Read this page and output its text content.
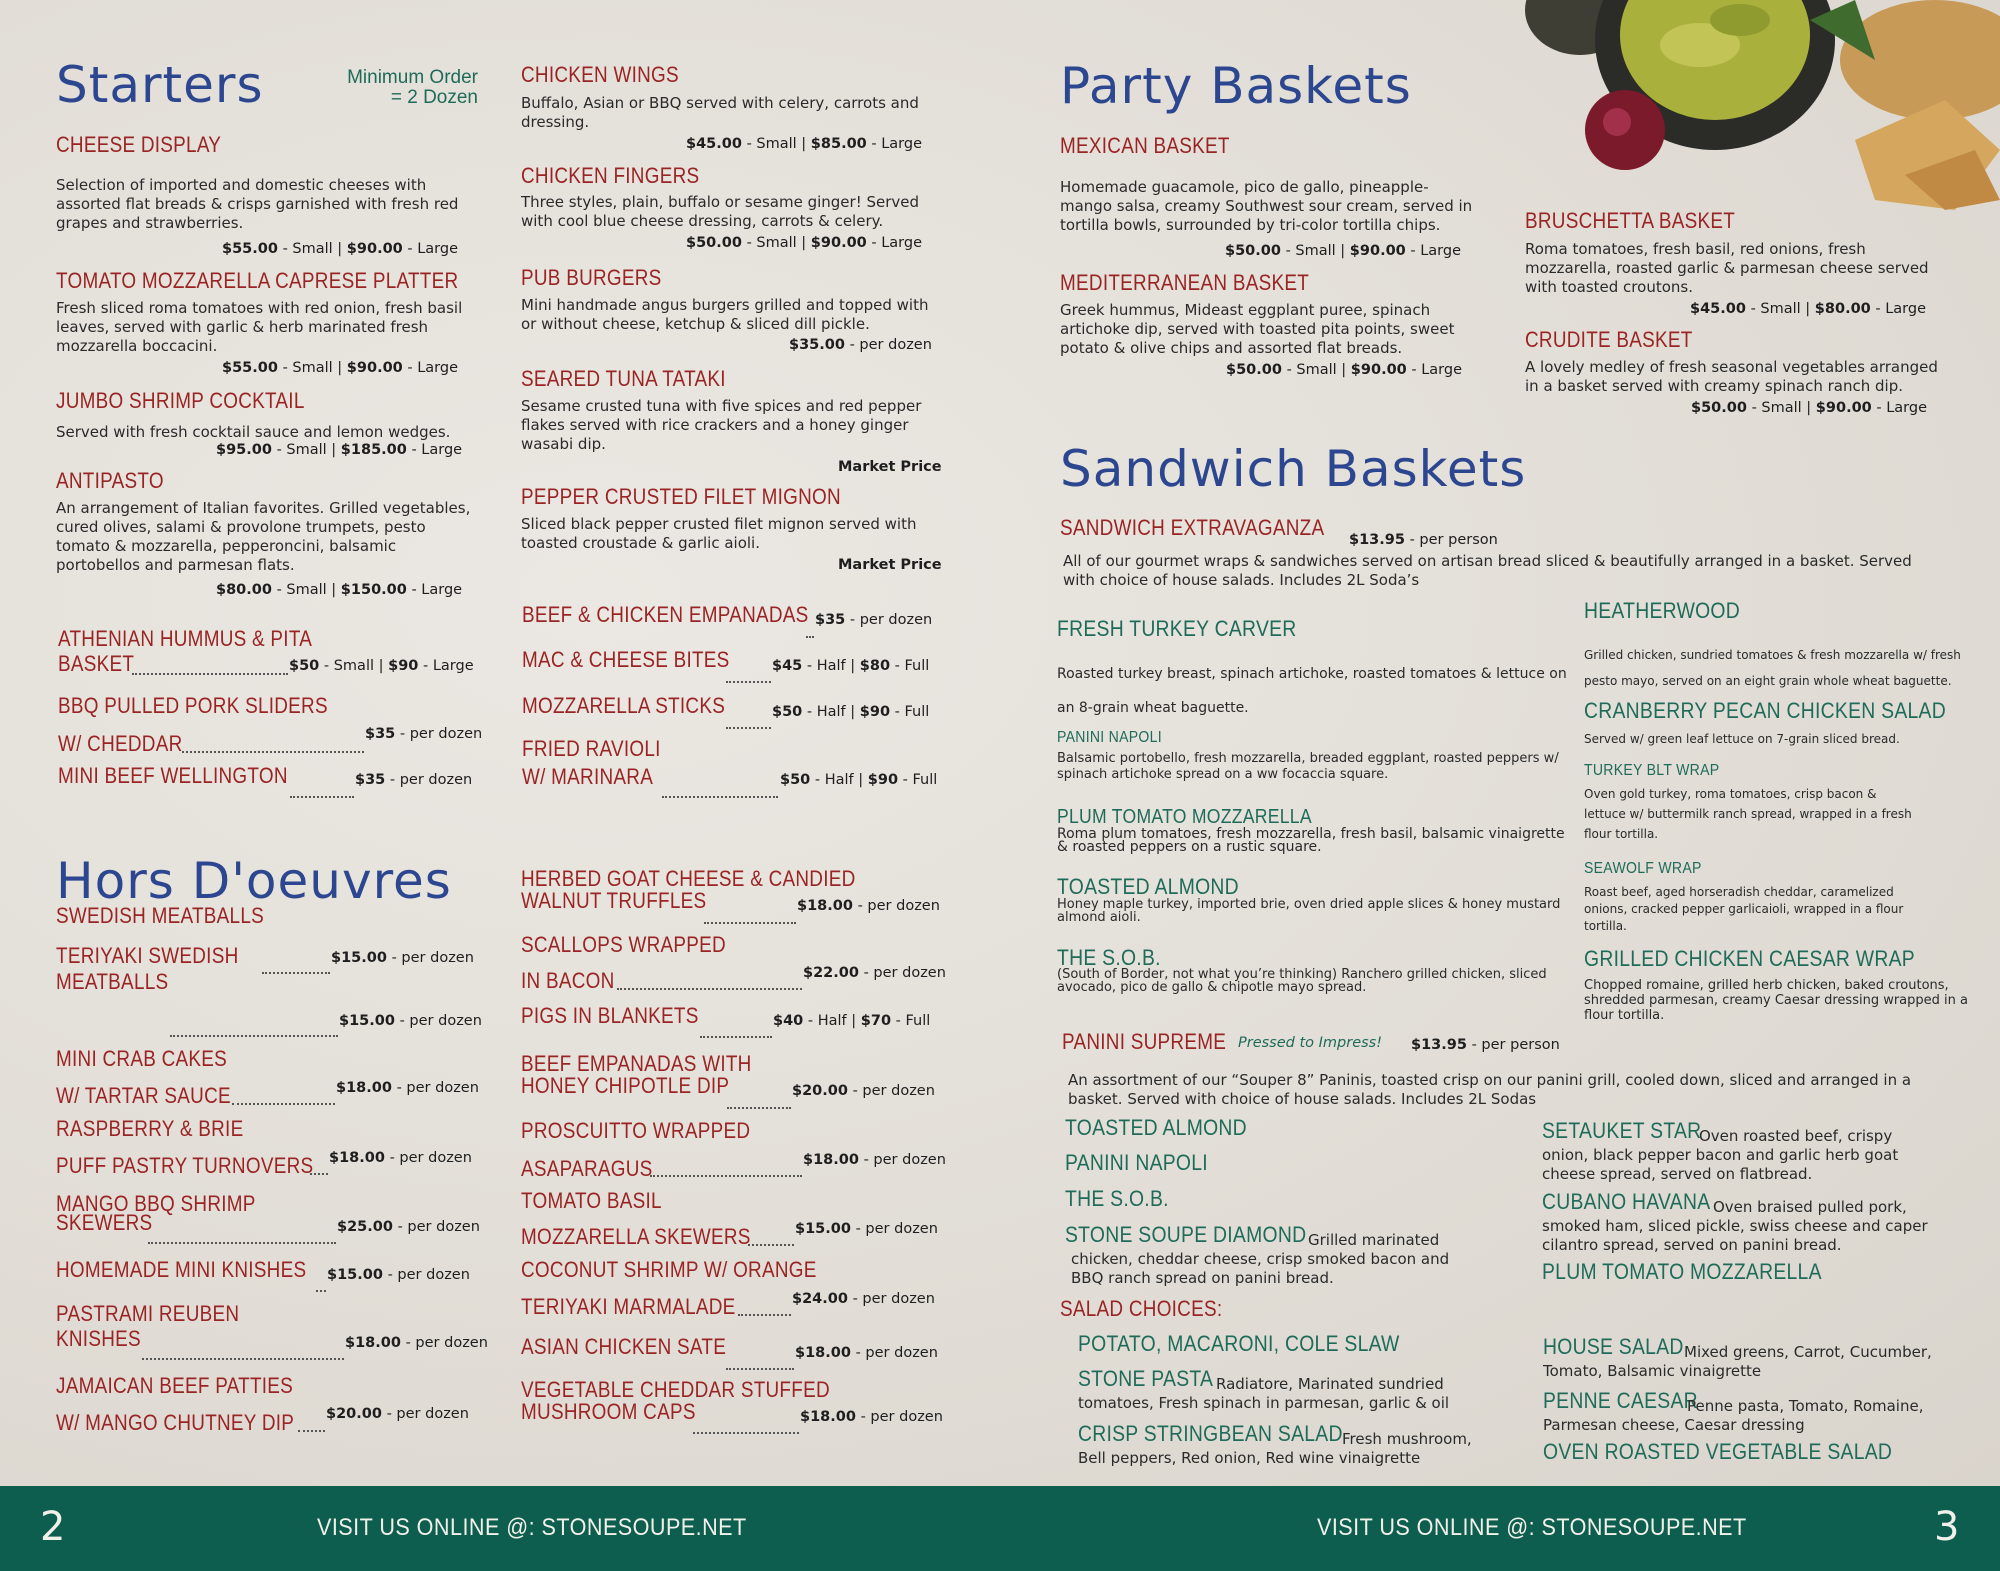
Starters	Minimum Order
= 2 Dozen
CHEESE DISPLAY
Selection of imported and domestic cheeses with assorted flat breads & crisps garnished with fresh red grapes and strawberries.
$55.00 - Small | $90.00 - Large
TOMATO MOZZARELLA CAPRESE PLATTER
Fresh sliced roma tomatoes with red onion, fresh basil leaves, served with garlic & herb marinated fresh mozzarella boccacini.
$55.00 - Small | $90.00 - Large
JUMBO SHRIMP COCKTAIL
Served with fresh cocktail sauce and lemon wedges.
$95.00 - Small | $185.00 - Large
ANTIPASTO
An arrangement of Italian favorites. Grilled vegetables, cured olives, salami & provolone trumpets, pesto tomato & mozzarella, pepperoncini, balsamic portobellos and parmesan flats.
$80.00 - Small | $150.00 - Large
ATHENIAN HUMMUS & PITA
BASKET	$50 - Small | $90 - Large
BBQ PULLED PORK SLIDERS
W/ CHEDDAR	$35 - per dozen
MINI BEEF WELLINGTON	$35 - per dozen
CHICKEN WINGS
Buffalo, Asian or BBQ served with celery, carrots and dressing.
$45.00 - Small | $85.00 - Large
CHICKEN FINGERS
Three styles, plain, buffalo or sesame ginger! Served with cool blue cheese dressing, carrots & celery.
$50.00 - Small | $90.00 - Large
PUB BURGERS
Mini handmade angus burgers grilled and topped with or without cheese, ketchup & sliced dill pickle.
$35.00 - per dozen
SEARED TUNA TATAKI
Sesame crusted tuna with five spices and red pepper flakes served with rice crackers and a honey ginger wasabi dip.
Market Price
PEPPER CRUSTED FILET MIGNON
Sliced black pepper crusted filet mignon served with toasted croustade & garlic aioli.
Market Price
BEEF & CHICKEN EMPANADAS $35 - per dozen
MAC & CHEESE BITES	$45 - Half | $80 - Full
MOZZARELLA STICKS	$50 - Half | $90 - Full
FRIED RAVIOLI
W/ MARINARA	$50 - Half | $90 - Full
Hors D'oeuvres
SWEDISH MEATBALLS
TERIYAKI SWEDISH
MEATBALLS
$15.00 - per dozen
$15.00 - per dozen
MINI CRAB CAKES
W/ TARTAR SAUCE	$18.00 - per dozen
RASPBERRY & BRIE
PUFF PASTRY TURNOVERS $18.00 - per dozen
MANGO BBQ SHRIMP
SKEWERS	$25.00 - per dozen
HOMEMADE MINI KNISHES $15.00 - per dozen
PASTRAMI REUBEN
KNISHES	$18.00 - per dozen
JAMAICAN BEEF PATTIES
W/ MANGO CHUTNEY DIP $20.00 - per dozen
HERBED GOAT CHEESE & CANDIED
WALNUT TRUFFLES	$18.00 - per dozen
SCALLOPS WRAPPED
IN BACON	$22.00 - per dozen
PIGS IN BLANKETS	$40 - Half | $70 - Full
BEEF EMPANADAS WITH
HONEY CHIPOTLE DIP	$20.00 - per dozen
PROSCUITTO WRAPPED
ASAPARAGUS	$18.00 - per dozen
TOMATO BASIL
MOZZARELLA SKEWERS	$15.00 - per dozen
COCONUT SHRIMP W/ ORANGE
TERIYAKI MARMALADE	$24.00 - per dozen
ASIAN CHICKEN SATE	$18.00 - per dozen
VEGETABLE CHEDDAR STUFFED
MUSHROOM CAPS	$18.00 - per dozen
Party Baskets
MEXICAN BASKET
Homemade guacamole, pico de gallo, pineapple-mango salsa, creamy Southwest sour cream, served in tortilla bowls, surrounded by tri-color tortilla chips.
$50.00 - Small | $90.00 - Large
MEDITERRANEAN BASKET
Greek hummus, Mideast eggplant puree, spinach artichoke dip, served with toasted pita points, sweet potato & olive chips and assorted flat breads.
$50.00 - Small | $90.00 - Large
BRUSCHETTA BASKET
Roma tomatoes, fresh basil, red onions, fresh mozzarella, roasted garlic & parmesan cheese served with toasted croutons.
$45.00 - Small | $80.00 - Large
CRUDITE BASKET
A lovely medley of fresh seasonal vegetables arranged in a basket served with creamy spinach ranch dip.
$50.00 - Small | $90.00 - Large
Sandwich Baskets
SANDWICH EXTRAVAGANZA $13.95 - per person
All of our gourmet wraps & sandwiches served on artisan bread sliced & beautifully arranged in a basket. Served with choice of house salads. Includes 2L Soda’s
FRESH TURKEY CARVER
Roasted turkey breast, spinach artichoke, roasted tomatoes & lettuce on an 8-grain wheat baguette.
PANINI NAPOLI
Balsamic portobello, fresh mozzarella, breaded eggplant, roasted peppers w/ spinach artichoke spread on a ww focaccia square.
PLUM TOMATO MOZZARELLA
Roma plum tomatoes, fresh mozzarella, fresh basil, balsamic vinaigrette & roasted peppers on a rustic square.
TOASTED ALMOND
Honey maple turkey, imported brie, oven dried apple slices & honey mustard almond aioli.
THE S.O.B.
(South of Border, not what you’re thinking) Ranchero grilled chicken, sliced avocado, pico de gallo & chipotle mayo spread.
HEATHERWOOD
Grilled chicken, sundried tomatoes & fresh mozzarella w/ fresh pesto mayo, served on an eight grain whole wheat baguette.
CRANBERRY PECAN CHICKEN SALAD
Served w/ green leaf lettuce on 7-grain sliced bread.
TURKEY BLT WRAP
Oven gold turkey, roma tomatoes, crisp bacon & lettuce w/ buttermilk ranch spread, wrapped in a fresh flour tortilla.
SEAWOLF WRAP
Roast beef, aged horseradish cheddar, caramelized onions, cracked pepper garlicaioli, wrapped in a flour tortilla.
GRILLED CHICKEN CAESAR WRAP
Chopped romaine, grilled herb chicken, baked croutons, shredded parmesan, creamy Caesar dressing wrapped in a flour tortilla.
PANINI SUPREME Pressed to Impress! $13.95 - per person
An assortment of our “Souper 8” Paninis, toasted crisp on our panini grill, cooled down, sliced and arranged in a basket. Served with choice of house salads. Includes 2L Sodas
TOASTED ALMOND
PANINI NAPOLI
THE S.O.B.
STONE SOUPE DIAMOND Grilled marinated chicken, cheddar cheese, crisp smoked bacon and BBQ ranch spread on panini bread.
SETAUKET STAR
Oven roasted beef, crispy onion, black pepper bacon and garlic herb goat cheese spread, served on flatbread.
CUBANO HAVANA Oven braised pulled pork, smoked ham, sliced pickle, swiss cheese and caper cilantro spread, served on panini bread.
PLUM TOMATO MOZZARELLA
SALAD CHOICES:
POTATO, MACARONI, COLE SLAW
STONE PASTA Radiatore, Marinated sundried tomatoes, Fresh spinach in parmesan, garlic & oil
CRISP STRINGBEAN SALAD Fresh mushroom, Bell peppers, Red onion, Red wine vinaigrette
HOUSE SALAD Mixed greens, Carrot, Cucumber, Tomato, Balsamic vinaigrette
PENNE CAESAR
Penne pasta, Tomato, Romaine, Parmesan cheese, Caesar dressing
OVEN ROASTED VEGETABLE SALAD
2	VISIT US ONLINE @: STONESOUPE.NET	VISIT US ONLINE @: STONESOUPE.NET	3
